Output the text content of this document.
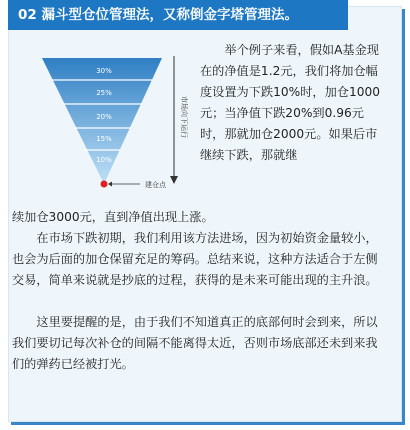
02 漏斗型仓位管理法，又称倒金字塔管理法。
30%
25%
20%
15%
10%
市场向下运行
建仓点
举个例子来看，假如A基金现在的净值是1.2元，我们将加仓幅度设置为下跌10%时，加仓1000元；当净值下跌20%到0.96元时，那就加仓2000元。如果后市继续下跌，那就继
续加仓3000元，直到净值出现上涨。
在市场下跌初期，我们利用该方法进场，因为初始资金量较小，也会为后面的加仓保留充足的筹码。总结来说，这种方法适合于左侧交易，简单来说就是抄底的过程，获得的是未来可能出现的主升浪。
这里要提醒的是，由于我们不知道真正的底部何时会到来，所以我们要切记每次补仓的间隔不能离得太近，否则市场底部还未到来我们的弹药已经被打光。
